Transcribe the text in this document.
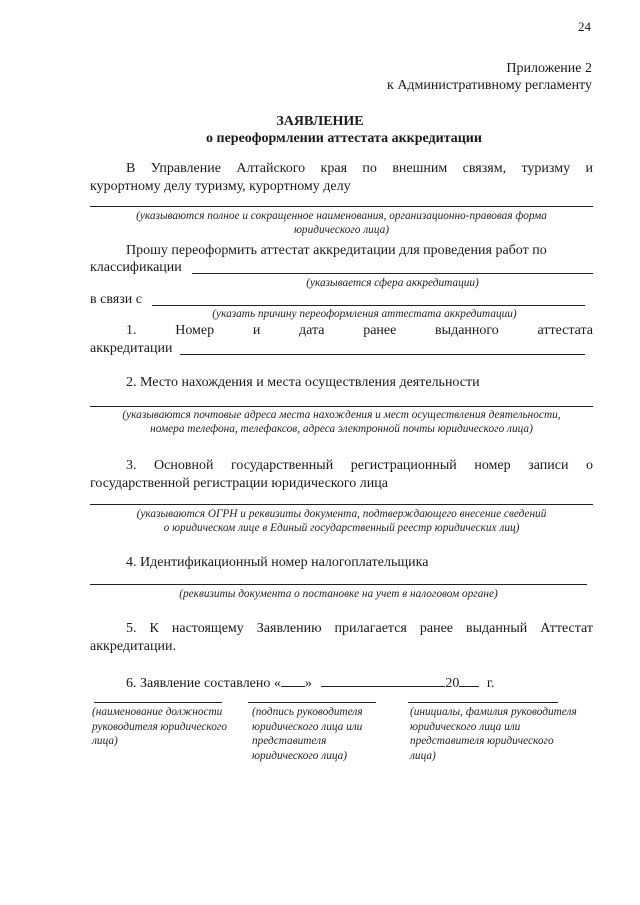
24
Приложение 2
к Административному регламенту
ЗАЯВЛЕНИЕ
о переоформлении аттестата аккредитации
В Управление Алтайского края по внешним связям, туризму и
курортному делу туризму, курортному делу
(указываются полное и сокращенное наименования, организационно-правовая форма
юридического лица)
Прошу переоформить аттестат аккредитации для проведения работ по
классификации
(указывается сфера аккредитации)
в связи с
(указать причину переоформления аттестата аккредитации)
1. Номер и дата ранее выданного аттестата
аккредитации
2. Место нахождения и места осуществления деятельности
(указываются почтовые адреса места нахождения и мест осуществления деятельности,
номера телефона, телефаксов, адреса электронной почты юридического лица)
3. Основной государственный регистрационный номер записи о
государственной регистрации юридического лица
(указываются ОГРН и реквизиты документа, подтверждающего внесение сведений
о юридическом лице в Единый государственный реестр юридических лиц)
4. Идентификационный номер налогоплательщика
(реквизиты документа о постановке на учет в налоговом органе)
5. К настоящему Заявлению прилагается ранее выданный Аттестат
аккредитации.
6. Заявление составлено « »	20 г.
(наименование должности руководителя юридического лица)
(подпись руководителя юридического лица или представителя юридического лица)
(инициалы, фамилия руководителя юридического лица или представителя юридического лица)
